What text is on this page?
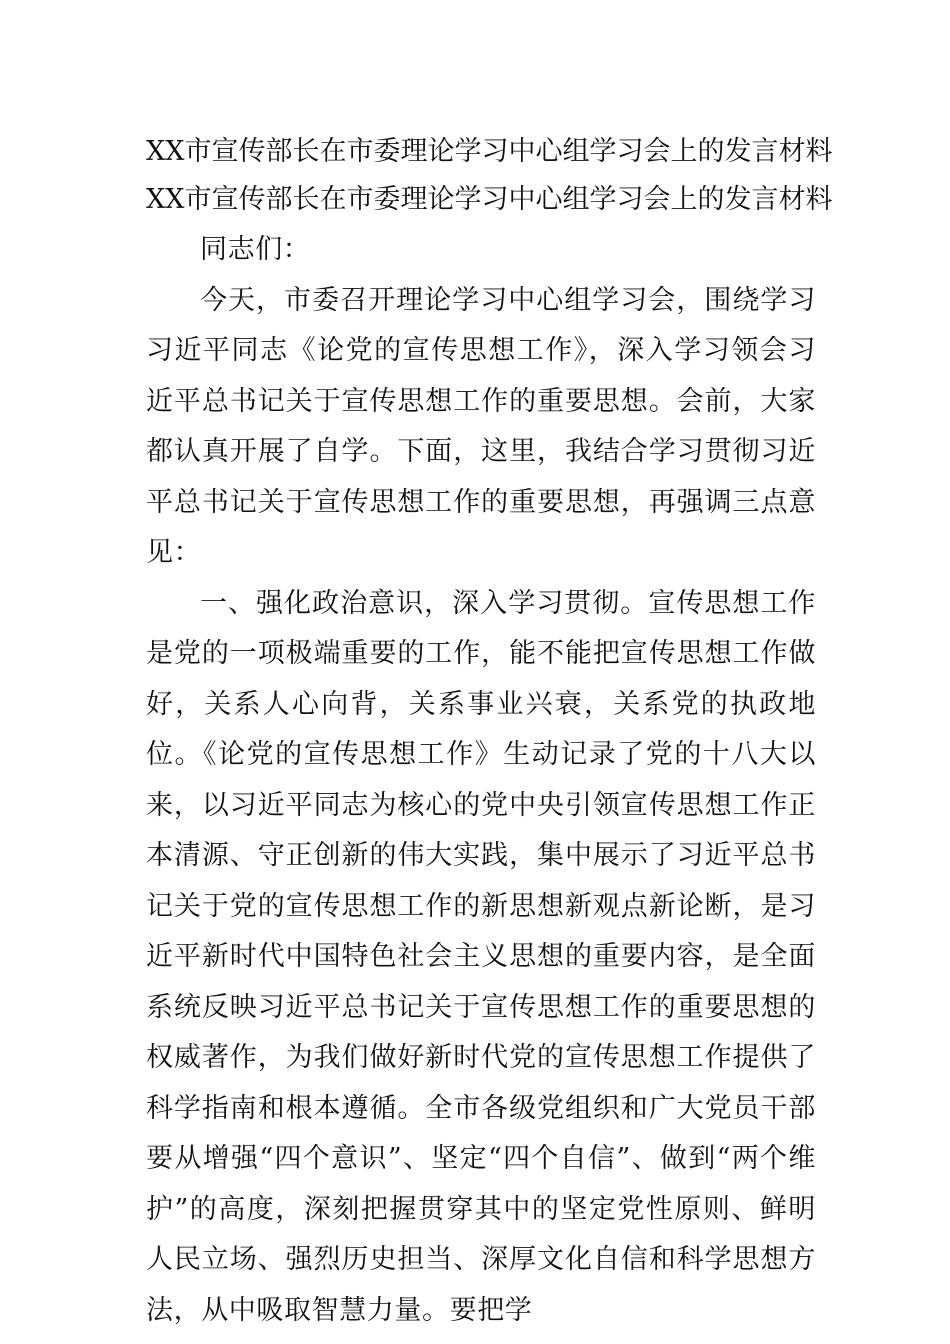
XX市宣传部长在市委理论学习中心组学习会上的发言材料
XX市宣传部长在市委理论学习中心组学习会上的发言材料

同志们：

今天，市委召开理论学习中心组学习会，围绕学习习近平同志《论党的宣传思想工作》，深入学习领会习近平总书记关于宣传思想工作的重要思想。会前，大家都认真开展了自学。下面，这里，我结合学习贯彻习近平总书记关于宣传思想工作的重要思想，再强调三点意见：

一、强化政治意识，深入学习贯彻。宣传思想工作是党的一项极端重要的工作，能不能把宣传思想工作做好，关系人心向背，关系事业兴衰，关系党的执政地位。《论党的宣传思想工作》生动记录了党的十八大以来，以习近平同志为核心的党中央引领宣传思想工作正本清源、守正创新的伟大实践，集中展示了习近平总书记关于党的宣传思想工作的新思想新观点新论断，是习近平新时代中国特色社会主义思想的重要内容，是全面系统反映习近平总书记关于宣传思想工作的重要思想的权威著作，为我们做好新时代党的宣传思想工作提供了科学指南和根本遵循。全市各级党组织和广大党员干部要从增强“四个意识”、坚定“四个自信”、做到“两个维护”的高度，深刻把握贯穿其中的坚定党性原则、鲜明人民立场、强烈历史担当、深厚文化自信和科学思想方法，从中吸取智慧力量。要把学
